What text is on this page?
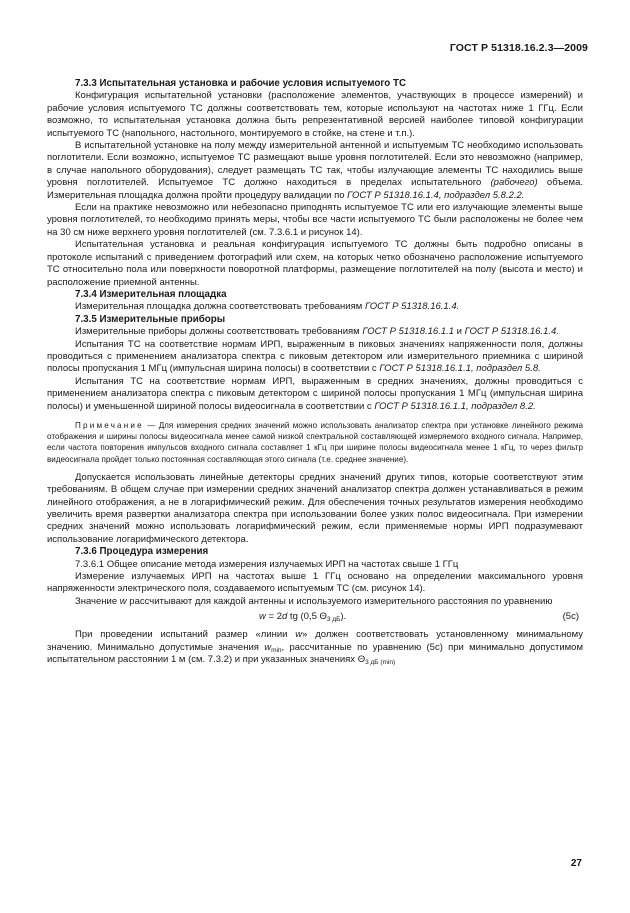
ГОСТ Р 51318.16.2.3—2009

7.3.3 Испытательная установка и рабочие условия испытуемого ТС

Конфигурация испытательной установки (расположение элементов, участвующих в процессе измерений) и рабочие условия испытуемого ТС должны соответствовать тем, которые используют на частотах ниже 1 ГГц. Если возможно, то испытательная установка должна быть репрезентативной версией наиболее типовой конфигурации испытуемого ТС (напольного, настольного, монтируемого в стойке, на стене и т.п.).

В испытательной установке на полу между измерительной антенной и испытуемым ТС необходимо использовать поглотители. Если возможно, испытуемое ТС размещают выше уровня поглотителей. Если это невозможно (например, в случае напольного оборудования), следует размещать ТС так, чтобы излучающие элементы ТС находились выше уровня поглотителей. Испытуемое ТС должно находиться в пределах испытательного (рабочего) объема. Измерительная площадка должна пройти процедуру валидации по ГОСТ Р 51318.16.1.4, подраздел 5.8.2.2.

Если на практике невозможно или небезопасно приподнять испытуемое ТС или его излучающие элементы выше уровня поглотителей, то необходимо принять меры, чтобы все части испытуемого ТС были расположены не более чем на 30 см ниже верхнего уровня поглотителей (см. 7.3.6.1 и рисунок 14).

Испытательная установка и реальная конфигурация испытуемого ТС должны быть подробно описаны в протоколе испытаний с приведением фотографий или схем, на которых четко обозначено расположение испытуемого ТС относительно пола или поверхности поворотной платформы, размещение поглотителей на полу (высота и место) и расположение приемной антенны.

7.3.4 Измерительная площадка

Измерительная площадка должна соответствовать требованиям ГОСТ Р 51318.16.1.4.

7.3.5 Измерительные приборы

Измерительные приборы должны соответствовать требованиям ГОСТ Р 51318.16.1.1 и ГОСТ Р 51318.16.1.4.

Испытания ТС на соответствие нормам ИРП, выраженным в пиковых значениях напряженности поля, должны проводиться с применением анализатора спектра с пиковым детектором или измерительного приемника с шириной полосы пропускания 1 МГц (импульсная ширина полосы) в соответствии с ГОСТ Р 51318.16.1.1, подраздел 5.8.

Испытания ТС на соответствие нормам ИРП, выраженным в средних значениях, должны проводиться с применением анализатора спектра с пиковым детектором с шириной полосы пропускания 1 МГц (импульсная ширина полосы) и уменьшенной шириной полосы видеосигнала в соответствии с ГОСТ Р 51318.16.1.1, подраздел 8.2.

Примечание — Для измерения средних значений можно использовать анализатор спектра при установке линейного режима отображения и ширины полосы видеосигнала менее самой низкой спектральной составляющей измеряемого входного сигнала. Например, если частота повторения импульсов входного сигнала составляет 1 кГц при ширине полосы видеосигнала менее 1 кГц, то через фильтр видеосигнала пройдет только постоянная составляющая этого сигнала (т.е. среднее значение).

Допускается использовать линейные детекторы средних значений других типов, которые соответствуют этим требованиям. В общем случае при измерении средних значений анализатор спектра должен устанавливаться в режим линейного отображения, а не в логарифмический режим. Для обеспечения точных результатов измерения необходимо увеличить время развертки анализатора спектра при использовании более узких полос видеосигнала. При измерении средних значений можно использовать логарифмический режим, если применяемые нормы ИРП подразумевают использование логарифмического детектора.

7.3.6 Процедура измерения

7.3.6.1 Общее описание метода измерения излучаемых ИРП на частотах свыше 1 ГГц

Измерение излучаемых ИРП на частотах выше 1 ГГц основано на определении максимального уровня напряженности электрического поля, создаваемого испытуемым ТС (см. рисунок 14).

Значение w рассчитывают для каждой антенны и используемого измерительного расстояния по уравнению

w = 2d tg (0,5 $\Theta_{3 дБ}$).	(5с)

При проведении испытаний размер «линии w» должен соответствовать установленному минимальному значению. Минимально допустимые значения $w_{min}$, рассчитанные по уравнению (5с) при минимально допустимом испытательном расстоянии 1 м (см. 7.3.2) и при указанных значениях $\Theta_{3 дБ (min)}$

27
